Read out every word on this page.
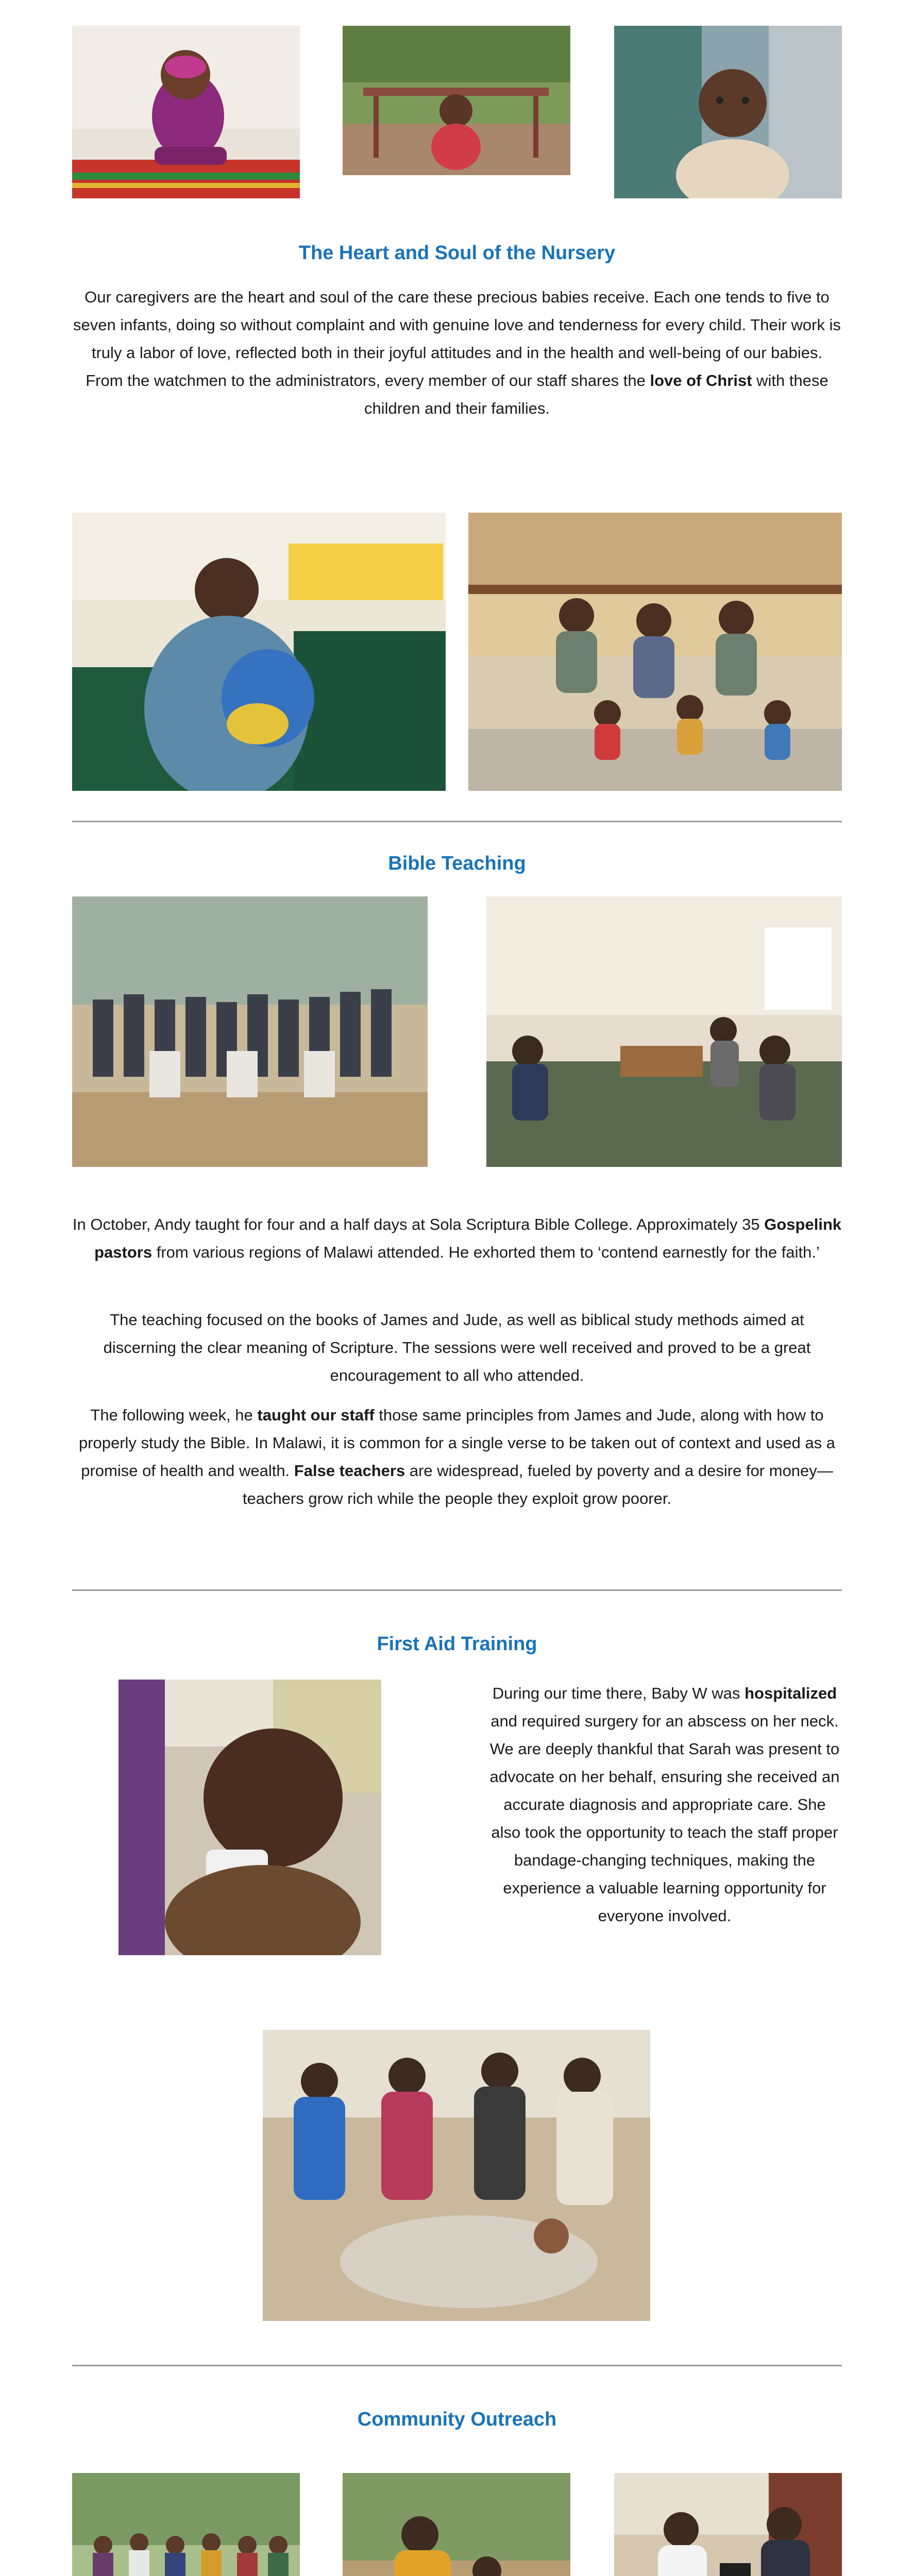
The Heart and Soul of the Nursery

Our caregivers are the heart and soul of the care these precious babies receive. Each one tends to five to seven infants, doing so without complaint and with genuine love and tenderness for every child. Their work is truly a labor of love, reflected both in their joyful attitudes and in the health and well-being of our babies. From the watchmen to the administrators, every member of our staff shares the love of Christ with these children and their families.

Bible Teaching

In October, Andy taught for four and a half days at Sola Scriptura Bible College. Approximately 35 Gospelink pastors from various regions of Malawi attended. He exhorted them to ‘contend earnestly for the faith.’

The teaching focused on the books of James and Jude, as well as biblical study methods aimed at discerning the clear meaning of Scripture. The sessions were well received and proved to be a great encouragement to all who attended.

The following week, he taught our staff those same principles from James and Jude, along with how to properly study the Bible. In Malawi, it is common for a single verse to be taken out of context and used as a promise of health and wealth. False teachers are widespread, fueled by poverty and a desire for money—teachers grow rich while the people they exploit grow poorer.

First Aid Training

During our time there, Baby W was hospitalized and required surgery for an abscess on her neck. We are deeply thankful that Sarah was present to advocate on her behalf, ensuring she received an accurate diagnosis and appropriate care. She also took the opportunity to teach the staff proper bandage-changing techniques, making the experience a valuable learning opportunity for everyone involved.

Community Outreach
